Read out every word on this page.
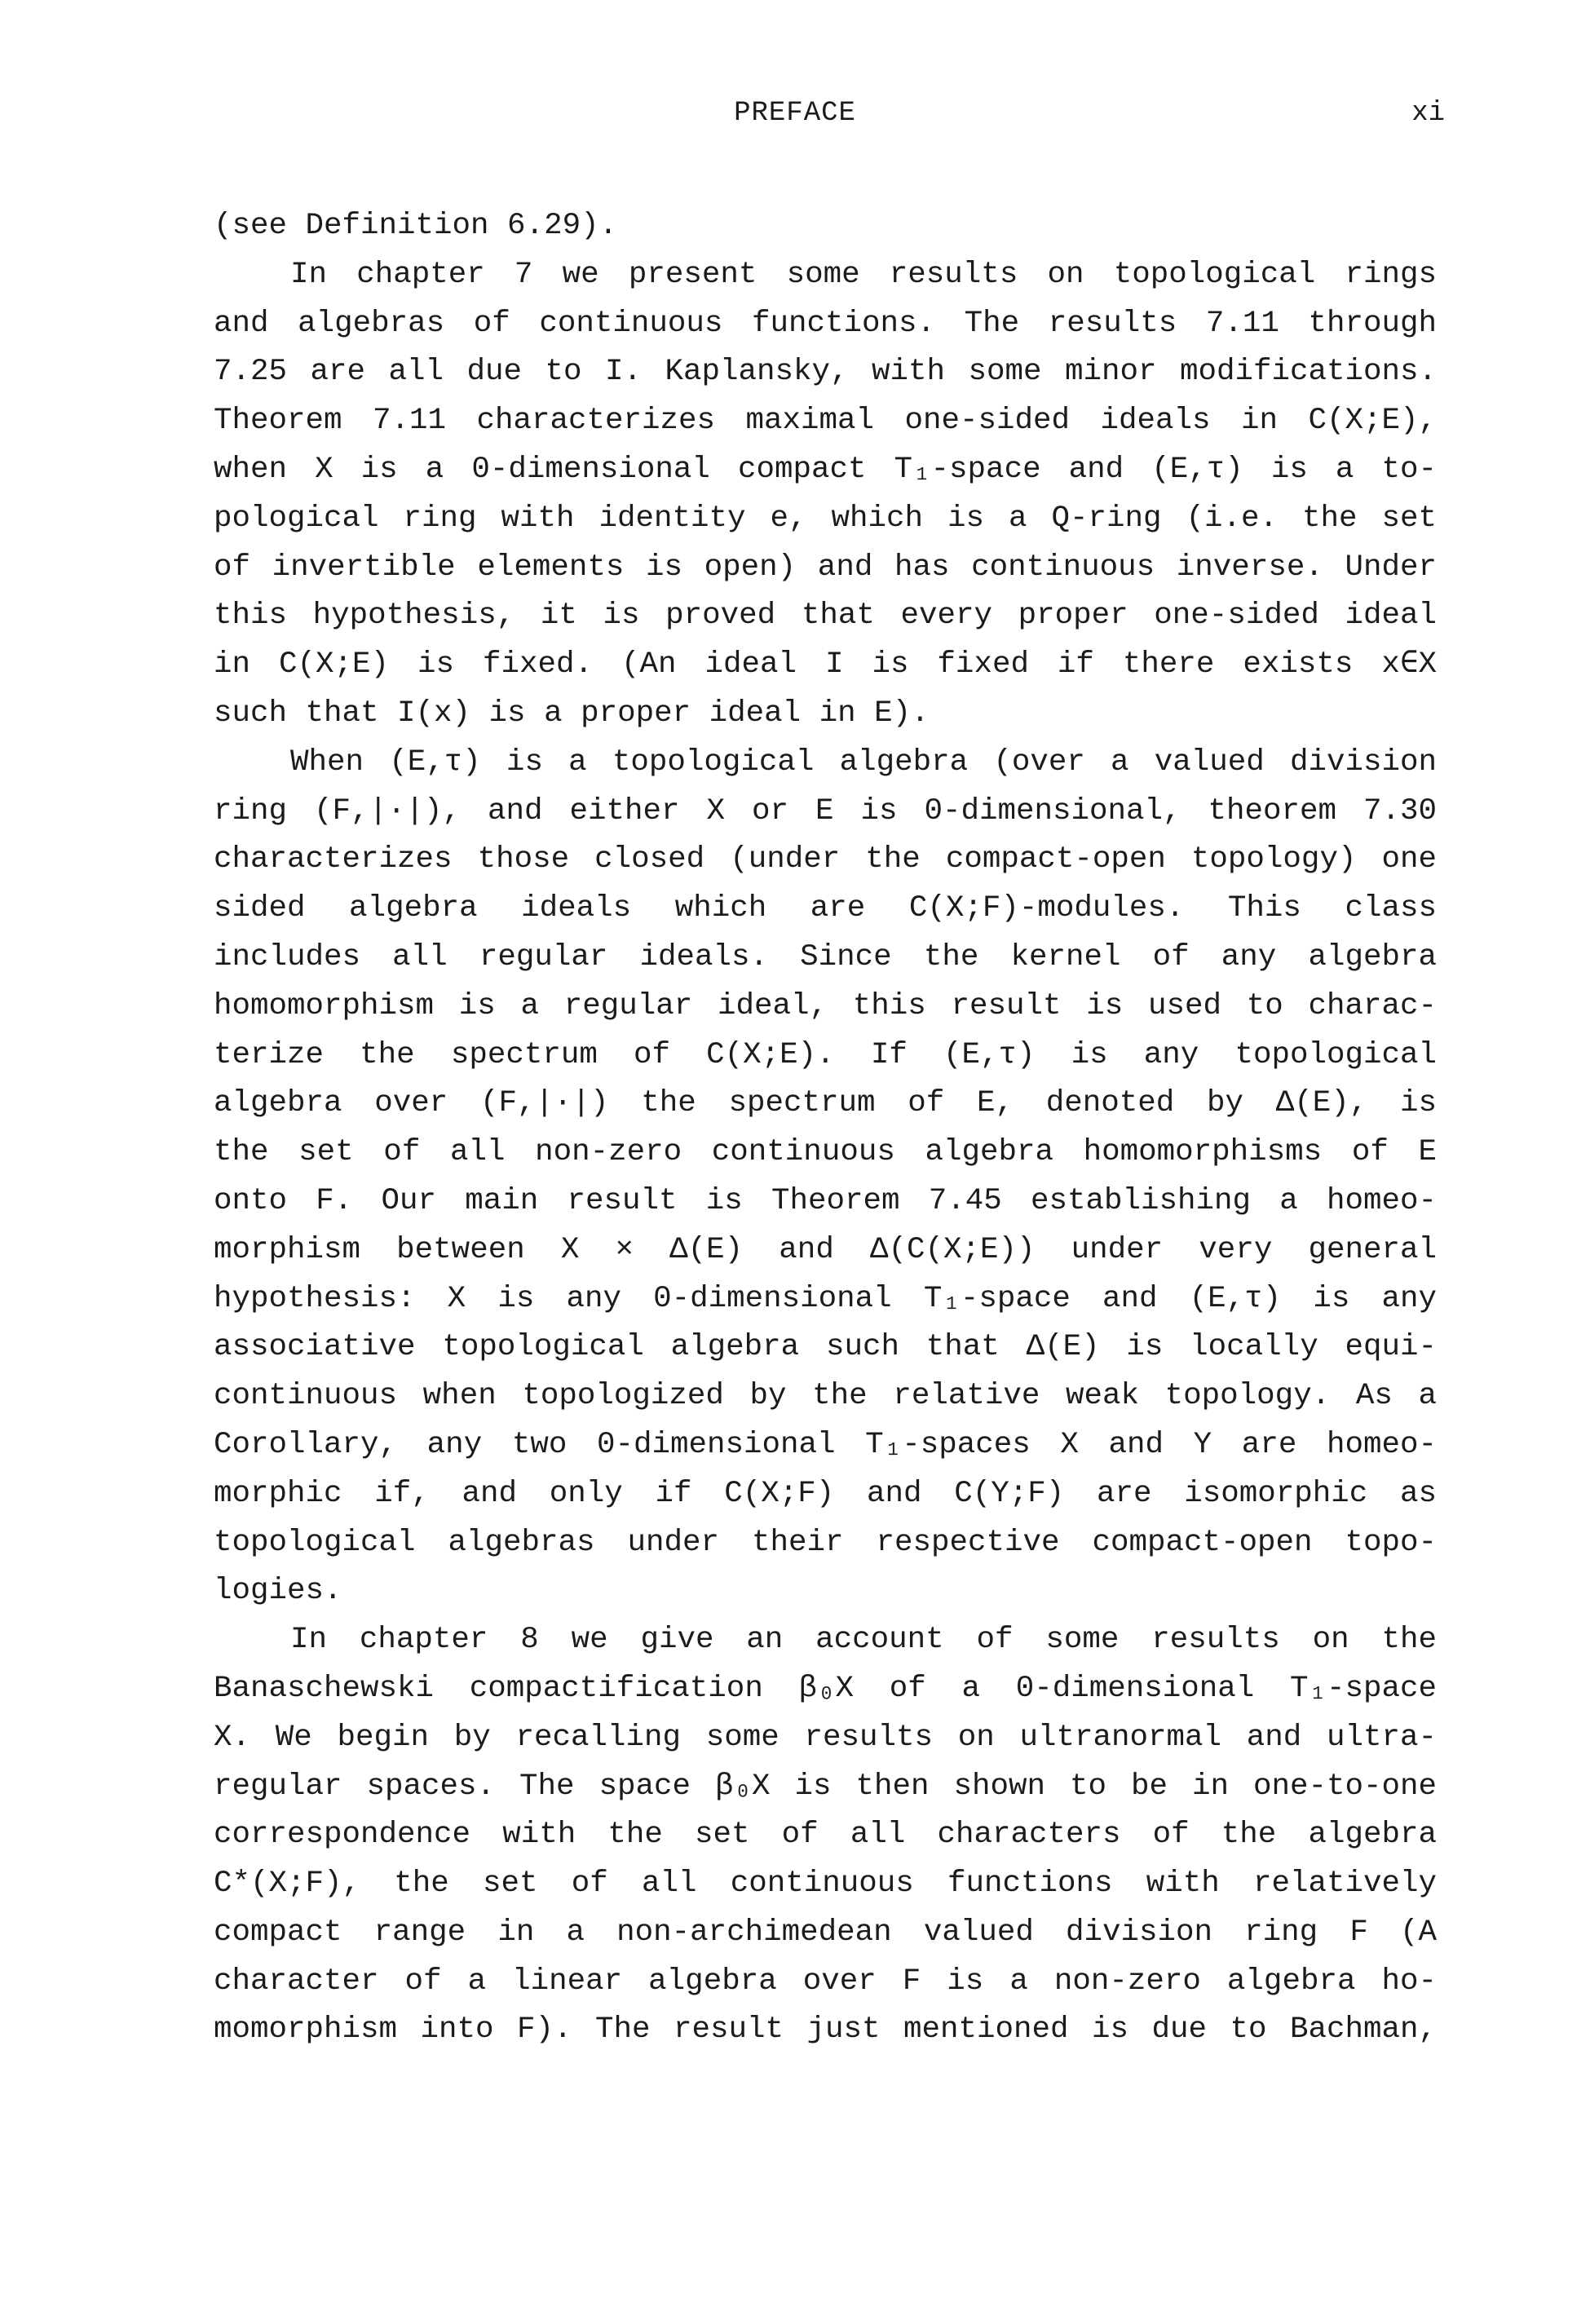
PREFACE	xi
(see Definition 6.29).
In chapter 7 we present some results on topological rings
and algebras of continuous functions. The results 7.11 through
7.25 are all due to I. Kaplansky, with some minor modifications.
Theorem 7.11 characterizes maximal one-sided ideals in C(X;E),
when X is a 0-dimensional compact T₁-space and (E,τ) is a to-
pological ring with identity e, which is a Q-ring (i.e. the set
of invertible elements is open) and has continuous inverse. Under
this hypothesis, it is proved that every proper one-sided ideal
in C(X;E) is fixed. (An ideal I is fixed if there exists x∈X
such that I(x) is a proper ideal in E).
When (E,τ) is a topological algebra (over a valued division
ring (F,|·|), and either X or E is 0-dimensional, theorem 7.30
characterizes those closed (under the compact-open topology) one
sided algebra ideals which are C(X;F)-modules. This class
includes all regular ideals. Since the kernel of any algebra
homomorphism is a regular ideal, this result is used to charac-
terize the spectrum of C(X;E). If (E,τ) is any topological
algebra over (F,|·|) the spectrum of E, denoted by Δ(E), is
the set of all non-zero continuous algebra homomorphisms of E
onto F. Our main result is Theorem 7.45 establishing a homeo-
morphism between X × Δ(E) and Δ(C(X;E)) under very general
hypothesis: X is any 0-dimensional T₁-space and (E,τ) is any
associative topological algebra such that Δ(E) is locally equi-
continuous when topologized by the relative weak topology. As a
Corollary, any two 0-dimensional T₁-spaces X and Y are homeo-
morphic if, and only if C(X;F) and C(Y;F) are isomorphic as
topological algebras under their respective compact-open topo-
logies.
In chapter 8 we give an account of some results on the
Banaschewski compactification β₀X of a 0-dimensional T₁-space
X. We begin by recalling some results on ultranormal and ultra-
regular spaces. The space β₀X is then shown to be in one-to-one
correspondence with the set of all characters of the algebra
C*(X;F), the set of all continuous functions with relatively
compact range in a non-archimedean valued division ring F (A
character of a linear algebra over F is a non-zero algebra ho-
momorphism into F). The result just mentioned is due to Bachman,
